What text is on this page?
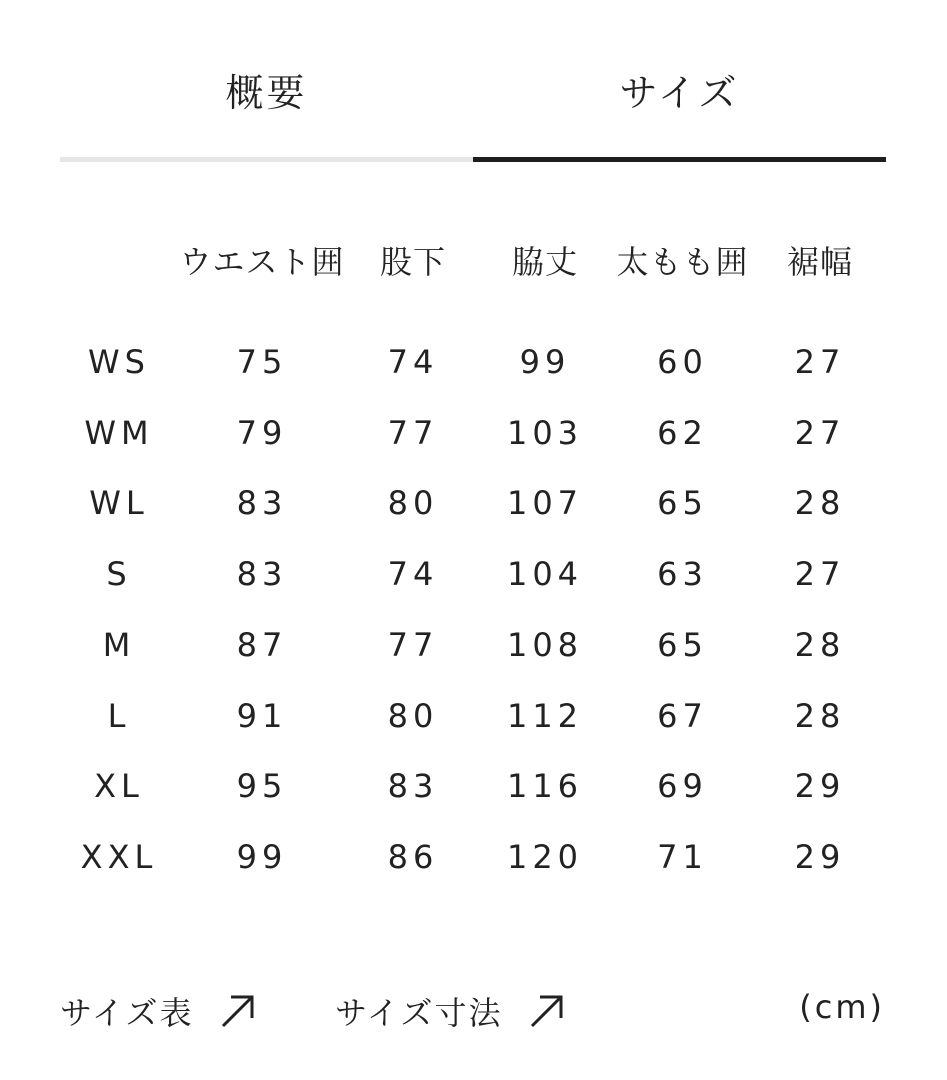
概要	サイズ
ウエスト囲	股下	脇丈	太もも囲	裾幅
WS	75	74	99	60	27
WM	79	77	103	62	27
WL	83	80	107	65	28
S	83	74	104	63	27
M	87	77	108	65	28
L	91	80	112	67	28
XL	95	83	116	69	29
XXL	99	86	120	71	29
サイズ表	サイズ寸法	(cm)
